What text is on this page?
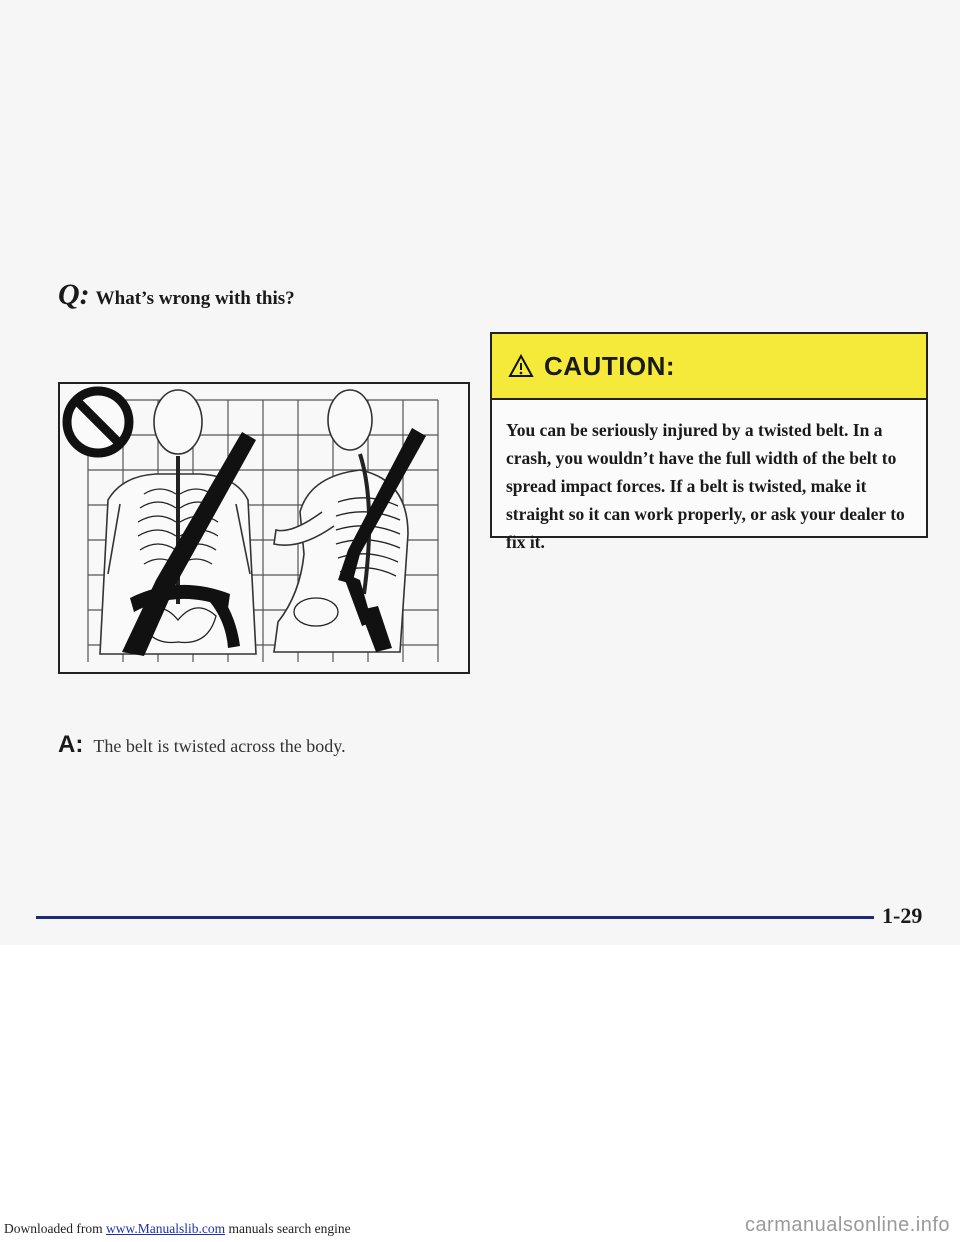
Q: What’s wrong with this?
A: The belt is twisted across the body.
CAUTION:
You can be seriously injured by a twisted belt. In a crash, you wouldn’t have the full width of the belt to spread impact forces. If a belt is twisted, make it straight so it can work properly, or ask your dealer to fix it.
1-29
Downloaded from www.Manualslib.com manuals search engine	carmanualsonline.info
